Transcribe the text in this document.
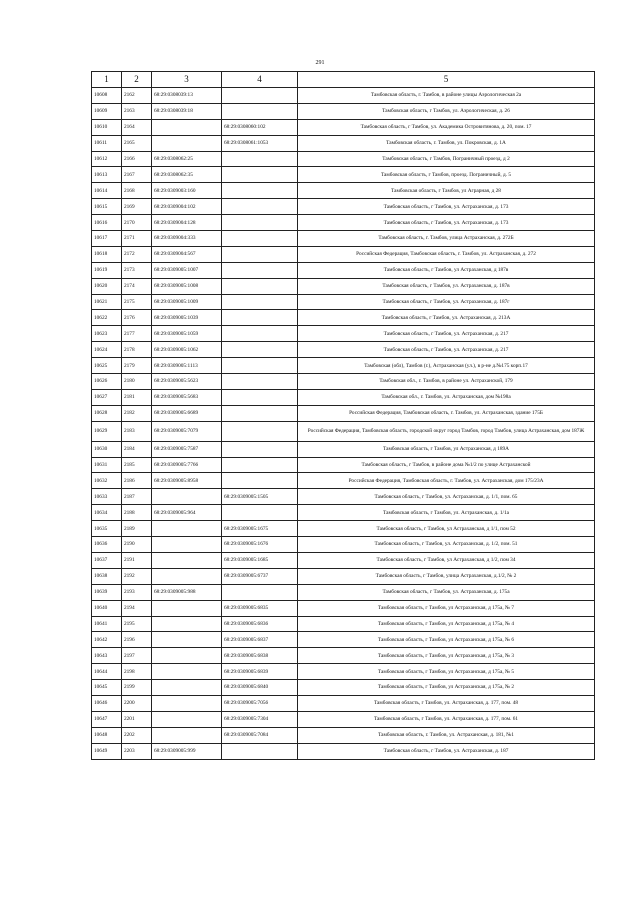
291
1	2	3	4	5
10608	2162	68:29:0308039:13		Тамбовская область, г. Тамбов, в районе улицы Аэрологическая 2а
10609	2163	68:29:0308039:18		Тамбовская область, г Тамбов, ул. Аэрологическая, д. 26
10610	2164		68:29:0308060:102	Тамбовская область, г Тамбов, ул. Академика Островитянова, д. 20, пом. 17
10611	2165		68:29:0308061:1053	Тамбовская область, г. Тамбов, ул. Покровская, д. 1А
10612	2166	68:29:0308062:25		Тамбовская область, г Тамбов, Пограничный проезд, д 2
10613	2167	68:29:0308062:35		Тамбовская область, г Тамбов, проезд. Пограничный, д. 5
10614	2168	68:29:0309003:160		Тамбовская область, г Тамбов, ул Аграрная, д 28
10615	2169	68:29:0309004:102		Тамбовская область, г Тамбов, ул. Астраханская, д. 173
10616	2170	68:29:0309004:128		Тамбовская область, г Тамбов, ул. Астраханская, д. 173
10617	2171	68:29:0309004:333		Тамбовская область, г. Тамбов, улица Астраханская, д. 272Б
10618	2172	68:29:0309004:567		Российская Федерация, Тамбовская область, г. Тамбов, ул. Астраханская, д. 272
10619	2173	68:29:0309005:1007		Тамбовская область, г Тамбов, ул Астраханская, д 187в
10620	2174	68:29:0309005:1008		Тамбовская область, г Тамбов, ул. Астраханская, д. 187в
10621	2175	68:29:0309005:1009		Тамбовская область, г Тамбов, ул. Астраханская, д. 187г
10622	2176	68:29:0309005:1039		Тамбовская область, г Тамбов, ул. Астраханская, д. 213А
10623	2177	68:29:0309005:1059		Тамбовская область, г Тамбов, ул. Астраханская, д. 217
10624	2178	68:29:0309005:1062		Тамбовская область, г Тамбов, ул. Астраханская, д. 217
10625	2179	68:29:0309005:1113		Тамбовская (обл), Тамбов (г.), Астраханская (ул.), в р-не д.№175 корп.17
10626	2180	68:29:0309005:5623		Тамбовская обл., г. Тамбов, в районе ул. Астраханской, 179
10627	2181	68:29:0309005:5683		Тамбовская обл., г. Тамбов, ул. Астраханская, дом №198а
10628	2182	68:29:0309005:6689		Российская Федерация, Тамбовская область, г. Тамбов, ул. Астраханская, здание 175Б
10629	2183	68:29:0309005:7079		Российская Федерация, Тамбовская область, городской округ город Тамбов, город Тамбов, улица Астраханская, дом 187Ж
10630	2184	68:29:0309005:7587		Тамбовская область, г Тамбов, ул Астраханская, д 189А
10631	2185	68:29:0309005:7766		Тамбовская область, г Тамбов, в районе дома №1/2 по улице Астраханской
10632	2186	68:29:0309005:8958		Российская Федерация, Тамбовская область, г. Тамбов, ул. Астраханская, дом 175/23А
10633	2187		68:29:0309005:1505	Тамбовская область, г Тамбов, ул. Астраханская, д. 1/1, пом. 65
10634	2188	68:29:0309005:964		Тамбовская область, г Тамбов, ул. Астраханская, д. 1/1а
10635	2189		68:29:0309005:1675	Тамбовская область, г Тамбов, ул Астраханская, д 1/1, пом 52
10636	2190		68:29:0309005:1676	Тамбовская область, г Тамбов, ул. Астраханская, д. 1/2, пом. 51
10637	2191		68:29:0309005:1685	Тамбовская область, г Тамбов, ул Астраханская, д 1/2, пом 34
10638	2192		68:29:0309005:6737	Тамбовская область, г Тамбов, улица Астраханская, д.1/2, № 2
10639	2193	68:29:0309005:988		Тамбовская область, г Тамбов, ул. Астраханская, д. 175а
10640	2194		68:29:0309005:6835	Тамбовская область, г Тамбов, ул Астраханская, д 175а, № 7
10641	2195		68:29:0309005:6836	Тамбовская область, г Тамбов, ул Астраханская, д 175а, № 4
10642	2196		68:29:0309005:6837	Тамбовская область, г Тамбов, ул Астраханская, д 175а, № 6
10643	2197		68:29:0309005:6838	Тамбовская область, г Тамбов, ул Астраханская, д 175а, № 3
10644	2198		68:29:0309005:6839	Тамбовская область, г Тамбов, ул Астраханская, д 175а, № 5
10645	2199		68:29:0309005:6840	Тамбовская область, г Тамбов, ул Астраханская, д 175а, № 2
10646	2200		68:29:0309005:7056	Тамбовская область, г Тамбов, ул. Астраханская, д. 177, пом. 48
10647	2201		68:29:0309005:7304	Тамбовская область, г Тамбов, ул. Астраханская, д. 177, пом. 61
10648	2202		68:29:0309005:7084	Тамбовская область, г. Тамбов, ул. Астраханская, д. 181, №1
10649	2203	68:29:0309005:999		Тамбовская область, г Тамбов, ул. Астраханская, д. 187
